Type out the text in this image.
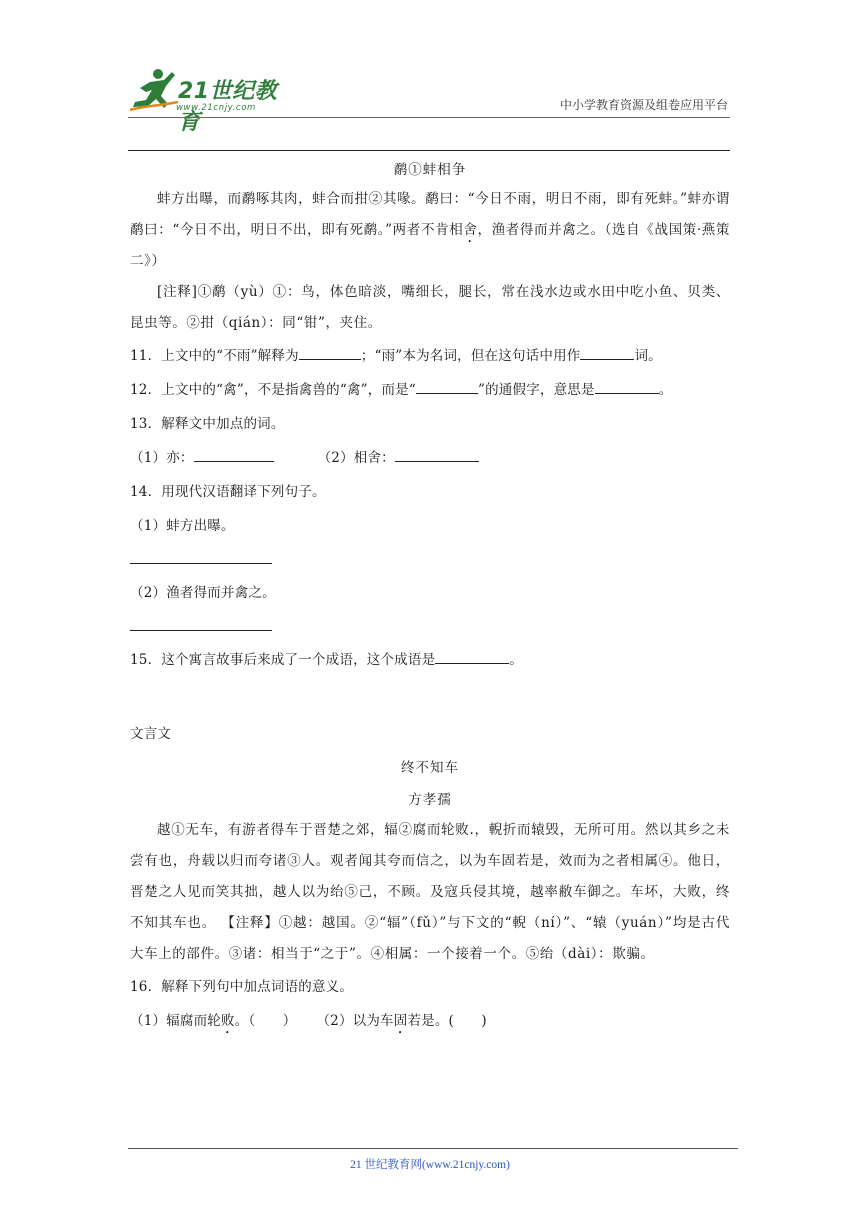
21世纪教育
www.21cnjy.com	中小学教育资源及组卷应用平台
鹬①蚌相争
蚌方出曝，而鹬啄其肉，蚌合而拑②其喙。鹬曰：“今日不雨，明日不雨，即有死蚌。”蚌亦谓鹬曰：“今日不出，明日不出，即有死鹬。”两者不肯相舍，渔者得而并禽之。（选自《战国策·燕策二》）
[注释]①鹬（yù）①：鸟，体色暗淡，嘴细长，腿长，常在浅水边或水田中吃小鱼、贝类、昆虫等。②拑（qián）：同“钳”，夹住。
11．上文中的“不雨”解释为	；“雨”本为名词，但在这句话中用作	词。
12．上文中的“禽”，不是指禽兽的“禽”，而是“	”的通假字，意思是	。
13．解释文中加点的词。
（1）亦：	（2）相舍：
14．用现代汉语翻译下列句子。
（1）蚌方出曝。
（2）渔者得而并禽之。
15．这个寓言故事后来成了一个成语，这个成语是	。
文言文
终不知车
方孝孺
越①无车，有游者得车于晋楚之郊，辐②腐而轮败.，輗折而辕毁，无所可用。然以其乡之未尝有也，舟载以归而夸诸③人。观者闻其夸而信之，以为车固若是，效而为之者相属④。他日，晋楚之人见而笑其拙，越人以为绐⑤己，不顾。及寇兵侵其境，越率敝车御之。车坏，大败，终不知其车也。 【注释】①越：越国。②“辐”（fǔ）”与下文的“輗（ní）”、“辕（yuán）”均是古代大车上的部件。③诸：相当于“之于”。④相属：一个接着一个。⑤绐（dài）：欺骗。
16．解释下列句中加点词语的意义。
（1）辐腐而轮败。（　　） （2）以为车固若是。(　　)
21 世纪教育网(www.21cnjy.com)
